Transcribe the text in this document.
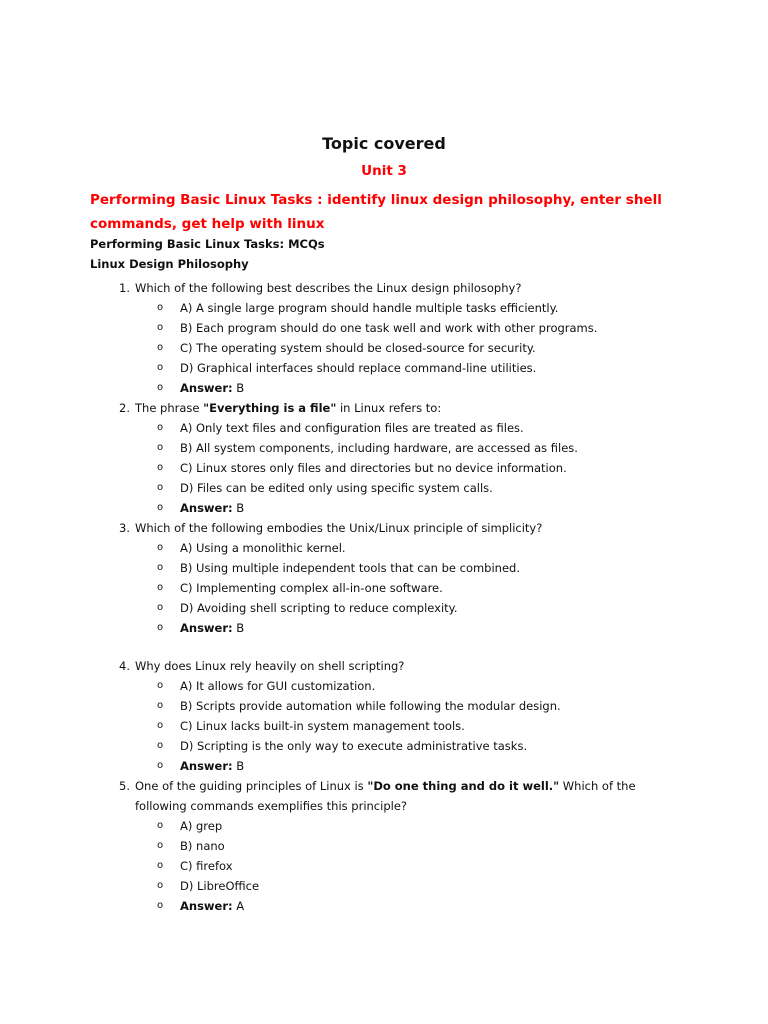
Topic covered
Unit 3
Performing Basic Linux Tasks : identify linux design philosophy, enter shell commands, get help with linux
Performing Basic Linux Tasks: MCQs
Linux Design Philosophy
1. Which of the following best describes the Linux design philosophy?
o A) A single large program should handle multiple tasks efficiently.
o B) Each program should do one task well and work with other programs.
o C) The operating system should be closed-source for security.
o D) Graphical interfaces should replace command-line utilities.
o Answer: B
2. The phrase "Everything is a file" in Linux refers to:
o A) Only text files and configuration files are treated as files.
o B) All system components, including hardware, are accessed as files.
o C) Linux stores only files and directories but no device information.
o D) Files can be edited only using specific system calls.
o Answer: B
3. Which of the following embodies the Unix/Linux principle of simplicity?
o A) Using a monolithic kernel.
o B) Using multiple independent tools that can be combined.
o C) Implementing complex all-in-one software.
o D) Avoiding shell scripting to reduce complexity.
o Answer: B
4. Why does Linux rely heavily on shell scripting?
o A) It allows for GUI customization.
o B) Scripts provide automation while following the modular design.
o C) Linux lacks built-in system management tools.
o D) Scripting is the only way to execute administrative tasks.
o Answer: B
5. One of the guiding principles of Linux is "Do one thing and do it well." Which of the following commands exemplifies this principle?
o A) grep
o B) nano
o C) firefox
o D) LibreOffice
o Answer: A
